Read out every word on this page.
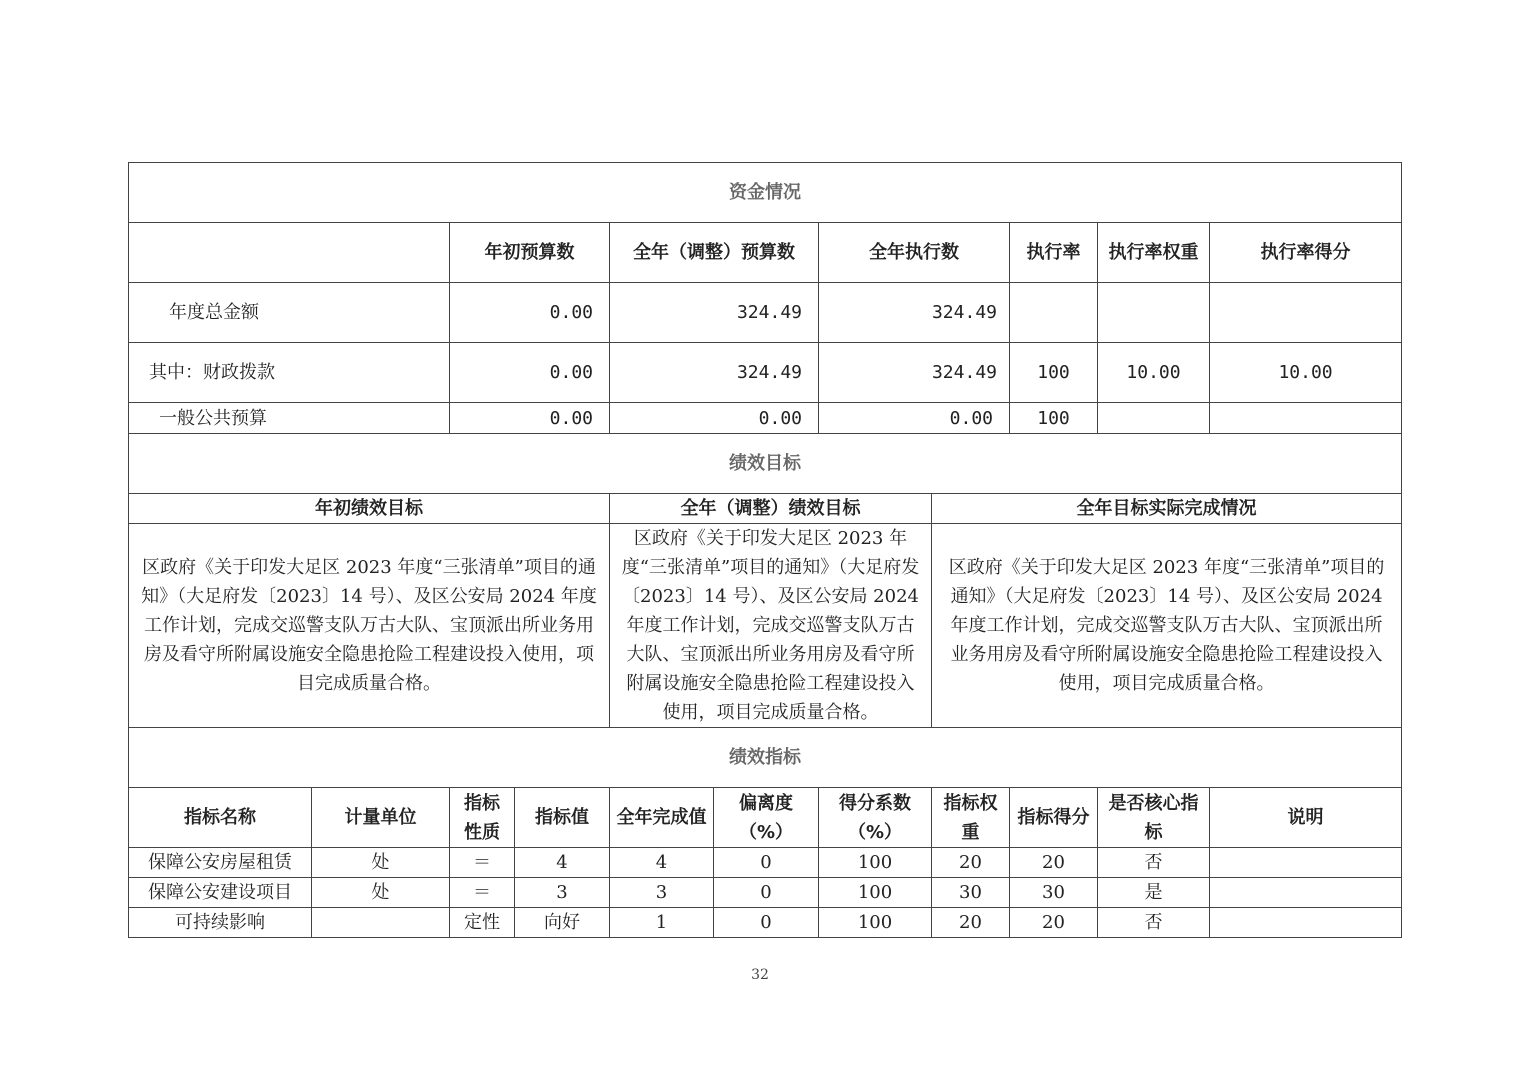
资金情况										
		年初预算数		全年（调整）预算数		全年执行数		执行率	执行率权重	执行率得分
年度总金额		0.00		324.49		324.49				

其中：财政拨款		0.00		324.49		324.49		100	10.00	10.00
一般公共预算		0.00		0.00		0.00		100		
绩效目标										
年初绩效目标				全年（调整）绩效目标			全年目标实际完成情况			
区政府《关于印发大足区 2023 年度“三张清单”项目的通知》（大足府发〔2023〕14 号）、及区公安局 2024 年度工作计划，完成交巡警支队万古大队、宝顶派出所业务用房及看守所附属设施安全隐患抢险工程建设投入使用，项目完成质量合格。				区政府《关于印发大足区 2023 年度“三张清单”项目的通知》（大足府发〔2023〕14 号）、及区公安局 2024 年度工作计划，完成交巡警支队万古大队、宝顶派出所业务用房及看守所附属设施安全隐患抢险工程建设投入使用，项目完成质量合格。			区政府《关于印发大足区 2023 年度“三张清单”项目的通知》（大足府发〔2023〕14 号）、及区公安局 2024 年度工作计划，完成交巡警支队万古大队、宝顶派出所业务用房及看守所附属设施安全隐患抢险工程建设投入使用，项目完成质量合格。			
绩效指标										
指标名称	计量单位	指标性质	指标值	全年完成值	偏离度（%）	得分系数（%）	指标权重	指标得分	是否核心指标	说明
保障公安房屋租赁	处	＝	4	4	0	100	20	20	否	
保障公安建设项目	处	＝	3	3	0	100	30	30	是	
可持续影响		定性	向好	1	0	100	20	20	否	
32
